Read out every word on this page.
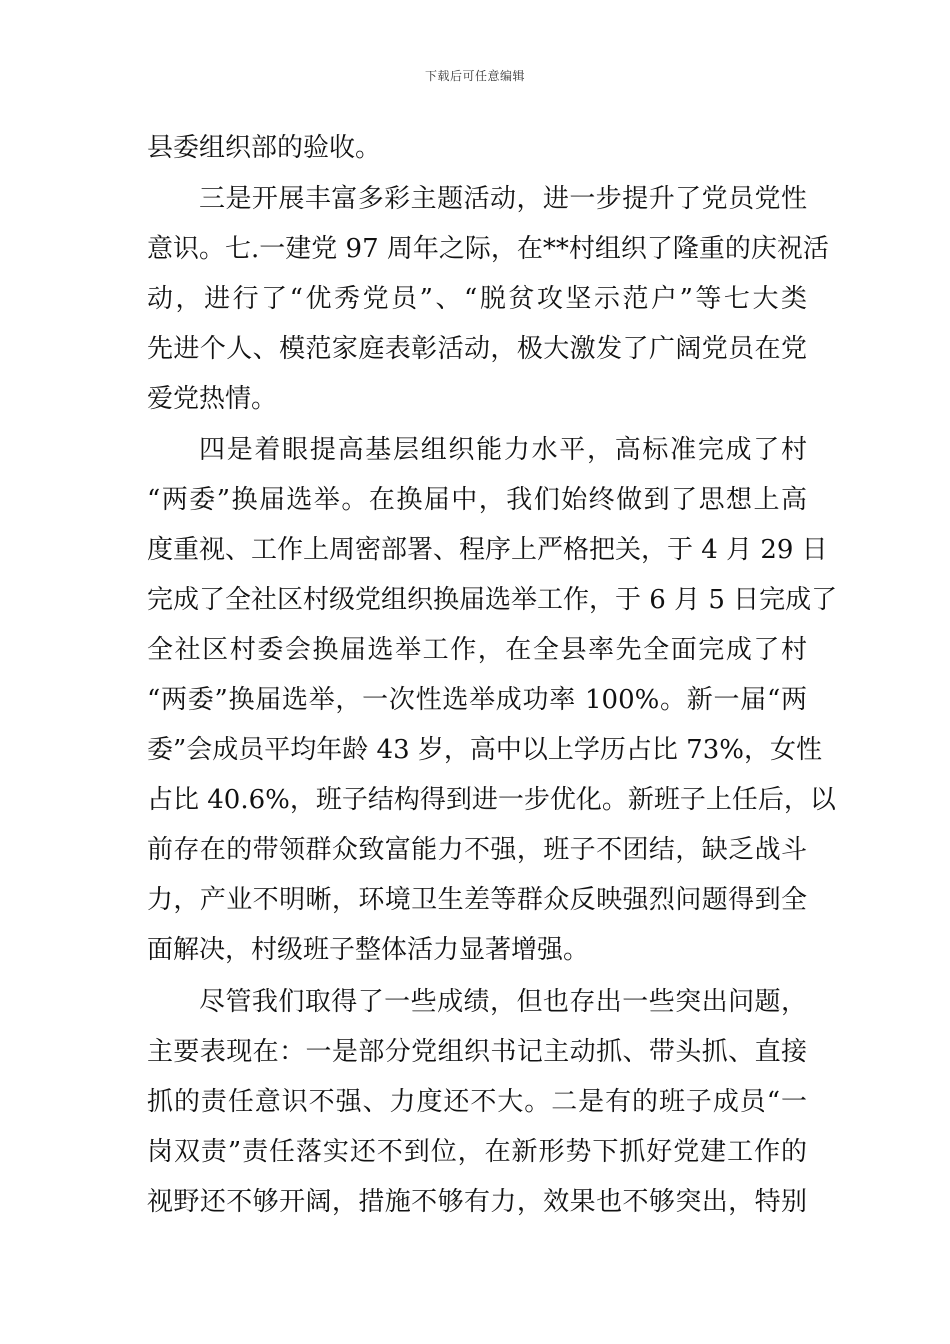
下载后可任意编辑
县委组织部的验收。
三是开展丰富多彩主题活动，进一步提升了党员党性
意识。七.一建党 97 周年之际，在**村组织了隆重的庆祝活
动，进行了“优秀党员”、“脱贫攻坚示范户”等七大类
先进个人、模范家庭表彰活动，极大激发了广阔党员在党
爱党热情。
四是着眼提高基层组织能力水平，高标准完成了村
“两委”换届选举。在换届中，我们始终做到了思想上高
度重视、工作上周密部署、程序上严格把关，于 4 月 29 日
完成了全社区村级党组织换届选举工作，于 6 月 5 日完成了
全社区村委会换届选举工作，在全县率先全面完成了村
“两委”换届选举，一次性选举成功率 100%。新一届“两
委”会成员平均年龄 43 岁，高中以上学历占比 73%，女性
占比 40.6%，班子结构得到进一步优化。新班子上任后，以
前存在的带领群众致富能力不强，班子不团结，缺乏战斗
力，产业不明晰，环境卫生差等群众反映强烈问题得到全
面解决，村级班子整体活力显著增强。
尽管我们取得了一些成绩，但也存出一些突出问题，
主要表现在：一是部分党组织书记主动抓、带头抓、直接
抓的责任意识不强、力度还不大。二是有的班子成员“一
岗双责”责任落实还不到位，在新形势下抓好党建工作的
视野还不够开阔，措施不够有力，效果也不够突出，特别
